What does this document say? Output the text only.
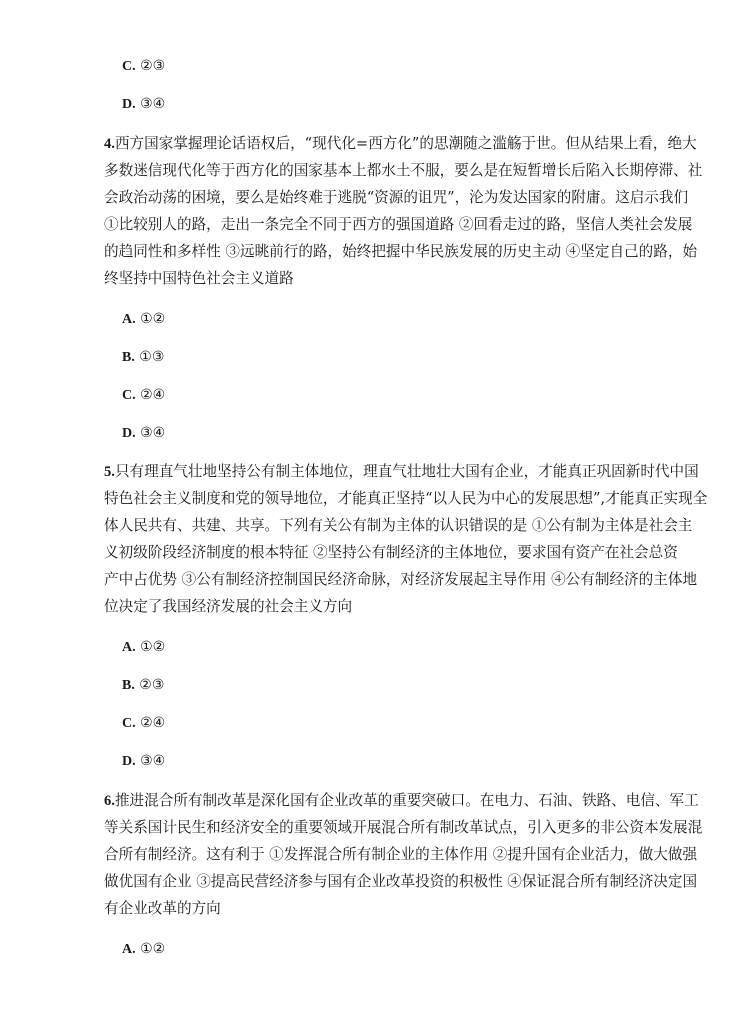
C. ②③
D. ③④
4.西方国家掌握理论话语权后，“现代化=西方化”的思潮随之滥觞于世。但从结果上看，绝大
多数迷信现代化等于西方化的国家基本上都水土不服，要么是在短暂增长后陷入长期停滞、社
会政治动荡的困境，要么是始终难于逃脱“资源的诅咒”，沦为发达国家的附庸。这启示我们
①比较别人的路，走出一条完全不同于西方的强国道路 ②回看走过的路，坚信人类社会发展
的趋同性和多样性 ③远眺前行的路，始终把握中华民族发展的历史主动 ④坚定自己的路，始
终坚持中国特色社会主义道路
A. ①②
B. ①③
C. ②④
D. ③④
5.只有理直气壮地坚持公有制主体地位，理直气壮地壮大国有企业，才能真正巩固新时代中国
特色社会主义制度和党的领导地位，才能真正坚持“以人民为中心的发展思想”,才能真正实现全
体人民共有、共建、共享。下列有关公有制为主体的认识错误的是 ①公有制为主体是社会主
义初级阶段经济制度的根本特征 ②坚持公有制经济的主体地位，要求国有资产在社会总资
产中占优势 ③公有制经济控制国民经济命脉，对经济发展起主导作用 ④公有制经济的主体地
位决定了我国经济发展的社会主义方向
A. ①②
B. ②③
C. ②④
D. ③④
6.推进混合所有制改革是深化国有企业改革的重要突破口。在电力、石油、铁路、电信、军工
等关系国计民生和经济安全的重要领域开展混合所有制改革试点，引入更多的非公资本发展混
合所有制经济。这有利于 ①发挥混合所有制企业的主体作用 ②提升国有企业活力，做大做强
做优国有企业 ③提高民营经济参与国有企业改革投资的积极性 ④保证混合所有制经济决定国
有企业改革的方向
A. ①②
